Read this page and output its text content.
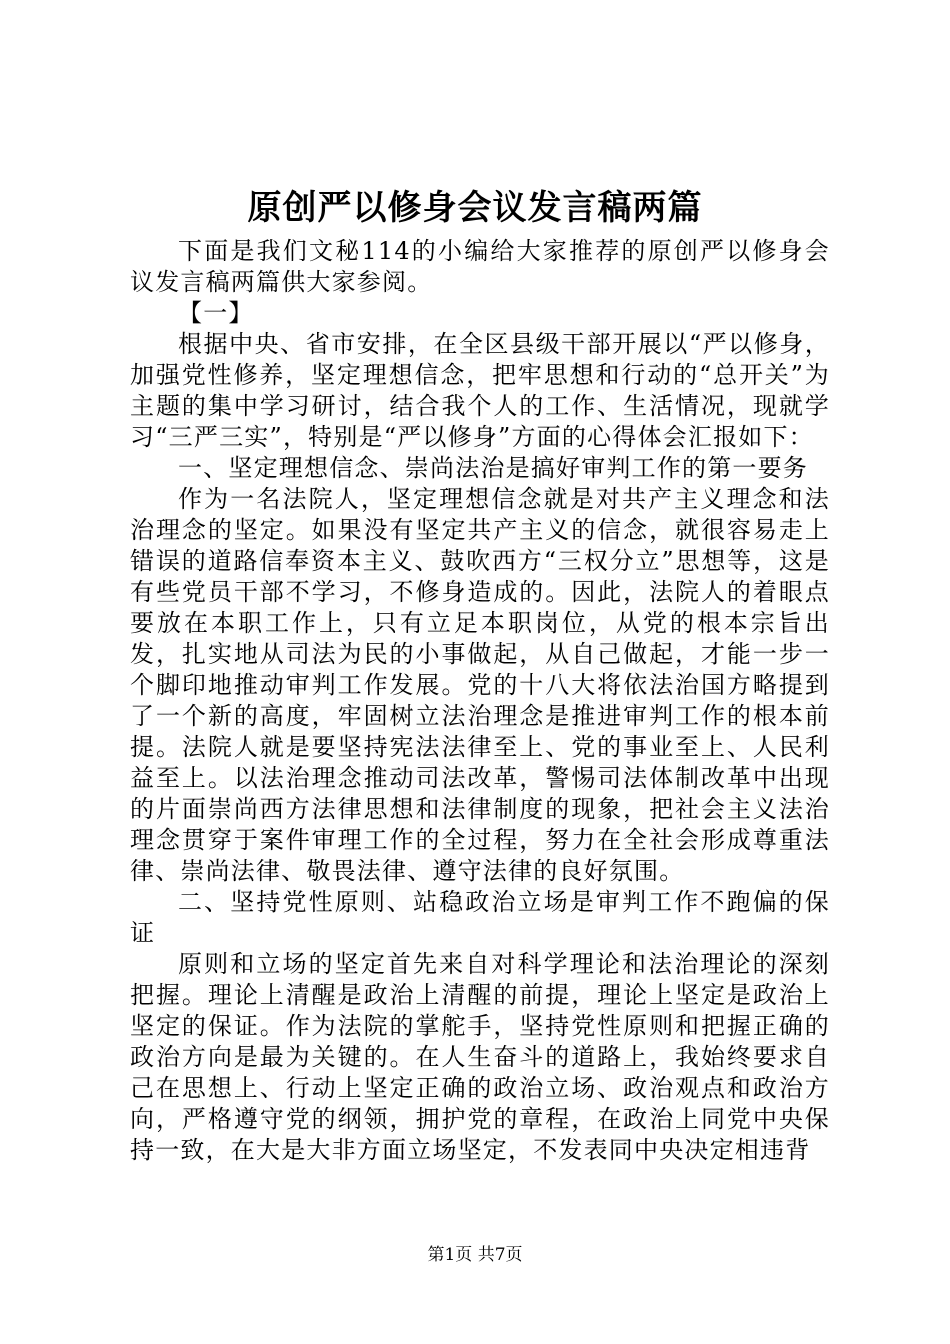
原创严以修身会议发言稿两篇

下面是我们文秘114的小编给大家推荐的原创严以修身会议发言稿两篇供大家参阅。

【一】

根据中央、省市安排，在全区县级干部开展以“严以修身，加强党性修养，坚定理想信念，把牢思想和行动的“总开关”为主题的集中学习研讨，结合我个人的工作、生活情况，现就学习“三严三实”，特别是“严以修身”方面的心得体会汇报如下：

一、坚定理想信念、崇尚法治是搞好审判工作的第一要务

作为一名法院人，坚定理想信念就是对共产主义理念和法治理念的坚定。如果没有坚定共产主义的信念，就很容易走上错误的道路信奉资本主义、鼓吹西方“三权分立”思想等，这是有些党员干部不学习，不修身造成的。因此，法院人的着眼点要放在本职工作上，只有立足本职岗位，从党的根本宗旨出发，扎实地从司法为民的小事做起，从自己做起，才能一步一个脚印地推动审判工作发展。党的十八大将依法治国方略提到了一个新的高度，牢固树立法治理念是推进审判工作的根本前提。法院人就是要坚持宪法法律至上、党的事业至上、人民利益至上。以法治理念推动司法改革，警惕司法体制改革中出现的片面崇尚西方法律思想和法律制度的现象，把社会主义法治理念贯穿于案件审理工作的全过程，努力在全社会形成尊重法律、崇尚法律、敬畏法律、遵守法律的良好氛围。

二、坚持党性原则、站稳政治立场是审判工作不跑偏的保证

原则和立场的坚定首先来自对科学理论和法治理论的深刻把握。理论上清醒是政治上清醒的前提，理论上坚定是政治上坚定的保证。作为法院的掌舵手，坚持党性原则和把握正确的政治方向是最为关键的。在人生奋斗的道路上，我始终要求自己在思想上、行动上坚定正确的政治立场、政治观点和政治方向，严格遵守党的纲领，拥护党的章程，在政治上同党中央保持一致，在大是大非方面立场坚定，不发表同中央决定相违背

第1页 共7页
